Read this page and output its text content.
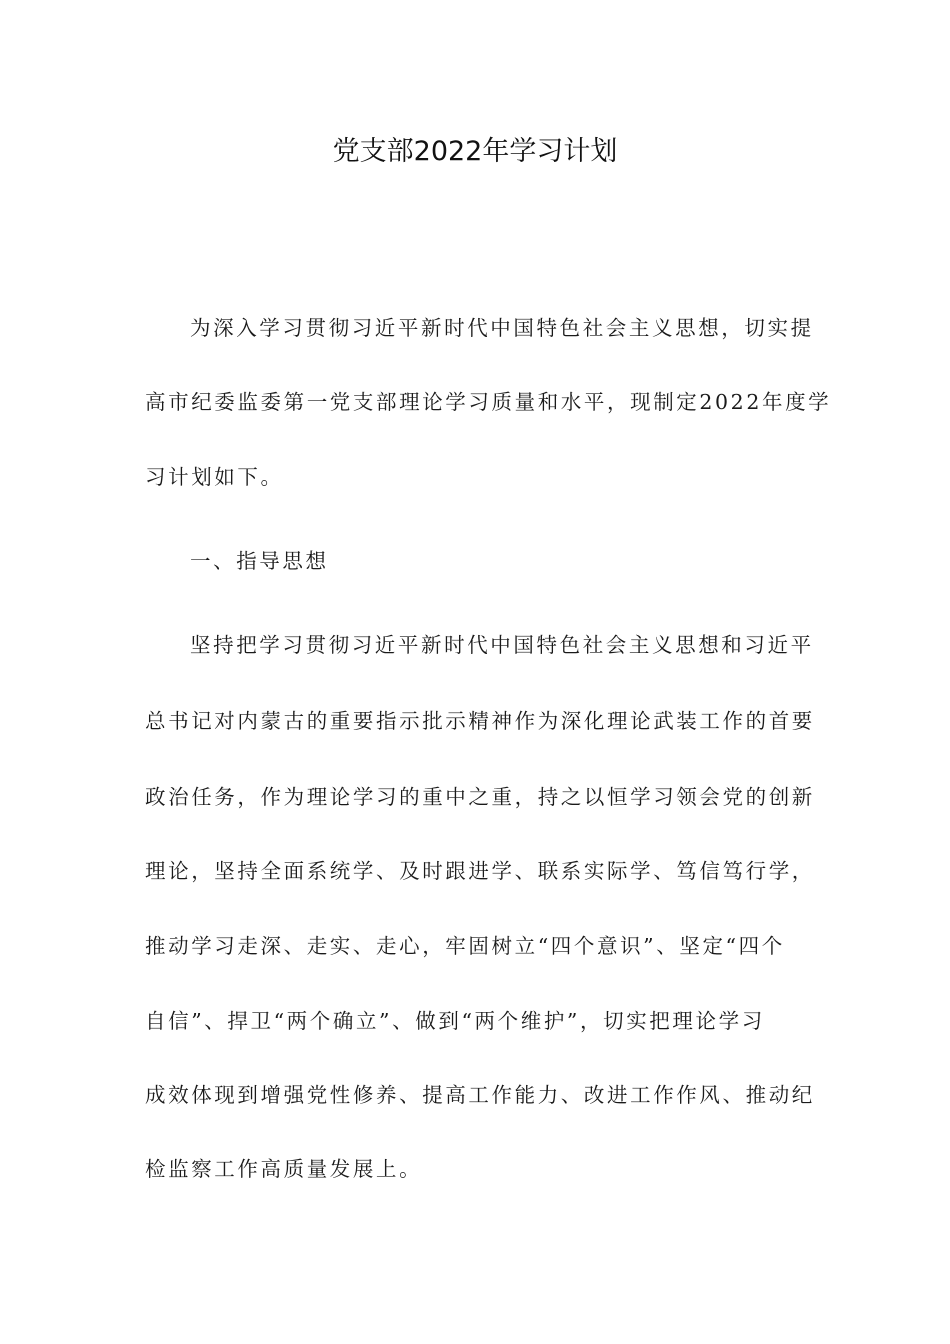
党支部2022年学习计划

为深入学习贯彻习近平新时代中国特色社会主义思想，切实提

高市纪委监委第一党支部理论学习质量和水平，现制定2022年度学

习计划如下。

一、指导思想

坚持把学习贯彻习近平新时代中国特色社会主义思想和习近平

总书记对内蒙古的重要指示批示精神作为深化理论武装工作的首要

政治任务，作为理论学习的重中之重，持之以恒学习领会党的创新

理论，坚持全面系统学、及时跟进学、联系实际学、笃信笃行学，

推动学习走深、走实、走心，牢固树立“四个意识”、坚定“四个

自信”、捍卫“两个确立”、做到“两个维护”，切实把理论学习

成效体现到增强党性修养、提高工作能力、改进工作作风、推动纪

检监察工作高质量发展上。
